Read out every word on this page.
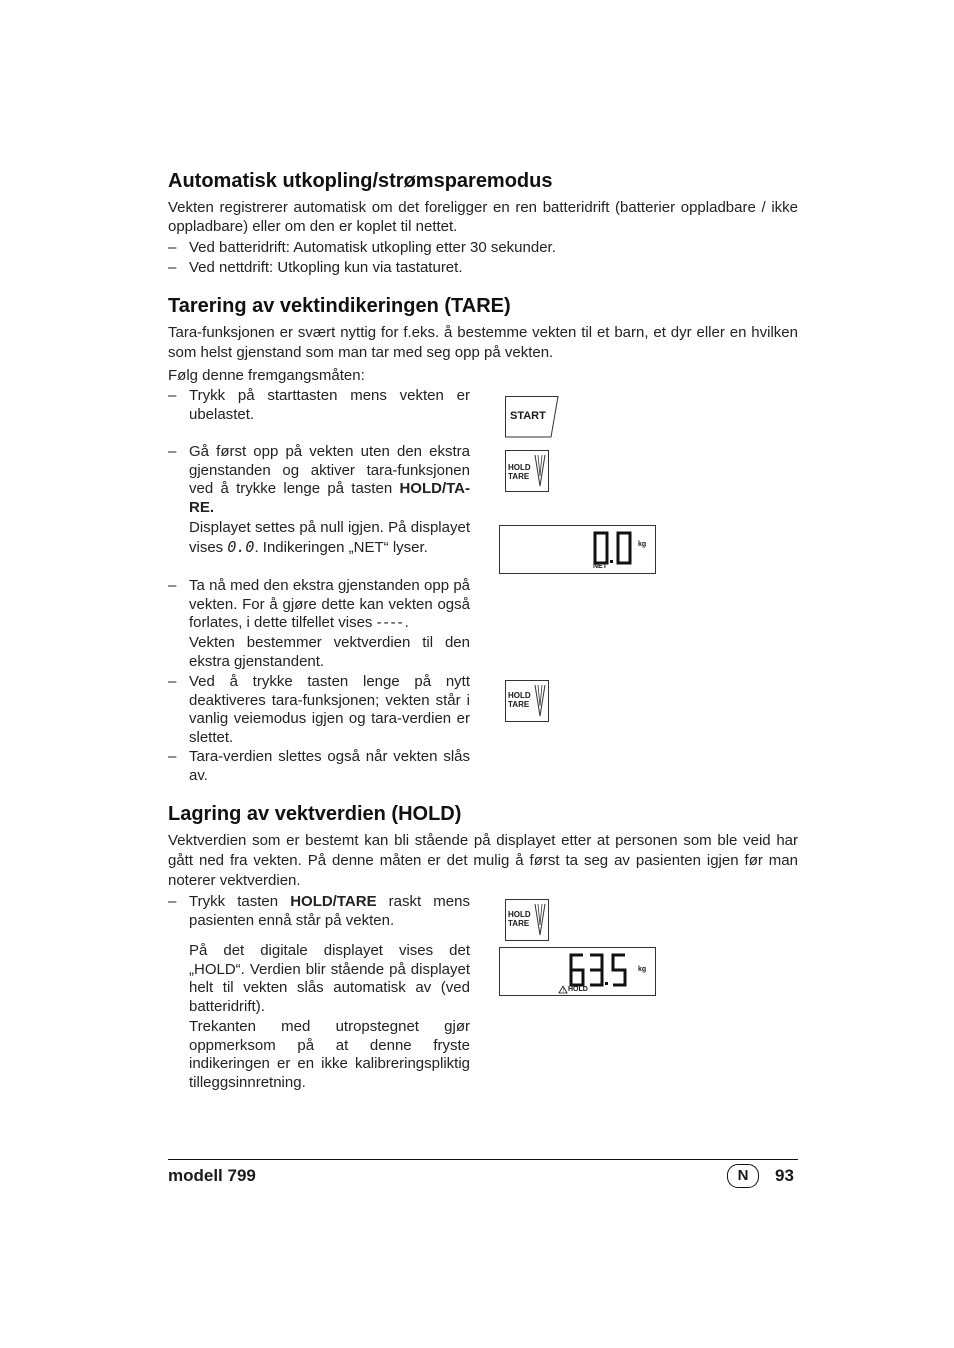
Automatisk utkopling/strømsparemodus

Vekten registrerer automatisk om det foreligger en ren batteridrift (batterier oppladbare / ikke oppladbare) eller om den er koplet til nettet.

– Ved batteridrift: Automatisk utkopling etter 30 sekunder.
– Ved nettdrift: Utkopling kun via tastaturet.
Tarering av vektindikeringen (TARE)

Tara-funksjonen er svært nyttig for f.eks. å bestemme vekten til et barn, et dyr eller en hvilken som helst gjenstand som man tar med seg opp på vekten.

Følg denne fremgangsmåten:

– Trykk på starttasten mens vekten er ubelastet.
– Gå først opp på vekten uten den ekstra gjenstanden og aktiver tara-funksjonen ved å trykke lenge på tasten HOLD/TA-RE.
Displayet settes på null igjen. På displayet vises 0.0. Indikeringen „NET“ lyser.
– Ta nå med den ekstra gjenstanden opp på vekten. For å gjøre dette kan vekten også forlates, i dette tilfellet vises ----.
Vekten bestemmer vektverdien til den ekstra gjenstandent.
– Ved å trykke tasten lenge på nytt deaktiveres tara-funksjonen; vekten står i vanlig veiemodus igjen og tara-verdien er slettet.
– Tara-verdien slettes også når vekten slås av.
START
HOLD
TARE
kg
NET
HOLD
TARE
Lagring av vektverdien (HOLD)

Vektverdien som er bestemt kan bli stående på displayet etter at personen som ble veid har gått ned fra vekten. På denne måten er det mulig å først ta seg av pasienten igjen før man noterer vektverdien.

– Trykk tasten HOLD/TARE raskt mens pasienten ennå står på vekten.
På det digitale displayet vises det „HOLD“. Verdien blir stående på displayet helt til vekten slås automatisk av (ved batteridrift).
Trekanten med utropstegnet gjør oppmerksom på at denne fryste indikeringen er en ikke kalibreringspliktig tilleggsinnretning.
HOLD
TARE
!
kg
HOLD
modell 799	N	93
